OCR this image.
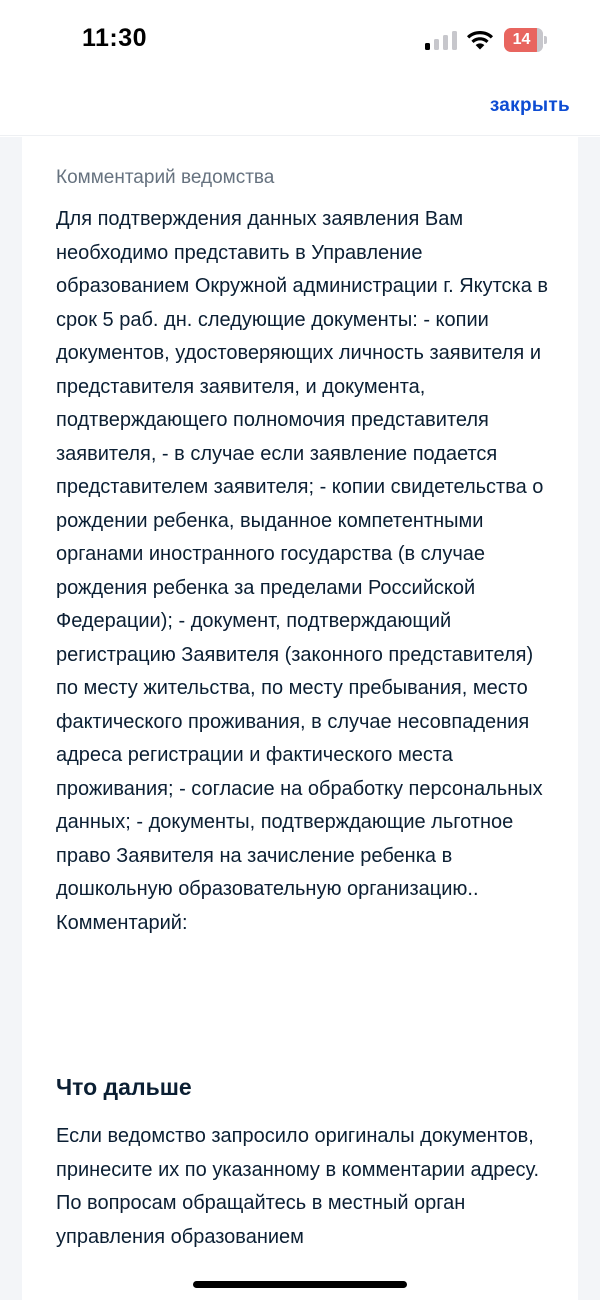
11:30	14
закрыть
Комментарий ведомства
Для подтверждения данных заявления Вам необходимо представить в Управление образованием Окружной администрации г. Якутска в срок 5 раб. дн. следующие документы: - копии документов, удостоверяющих личность заявителя и представителя заявителя, и документа, подтверждающего полномочия представителя заявителя, - в случае если заявление подается представителем заявителя; - копии свидетельства о рождении ребенка, выданное компетентными органами иностранного государства (в случае рождения ребенка за пределами Российской Федерации); - документ, подтверждающий регистрацию Заявителя (законного представителя) по месту жительства, по месту пребывания, место фактического проживания, в случае несовпадения адреса регистрации и фактического места проживания; - согласие на обработку персональных данных; - документы, подтверждающие льготное право Заявителя на зачисление ребенка в дошкольную образовательную организацию.. Комментарий:
Что дальше
Если ведомство запросило оригиналы документов, принесите их по указанному в комментарии адресу. По вопросам обращайтесь в местный орган управления образованием
